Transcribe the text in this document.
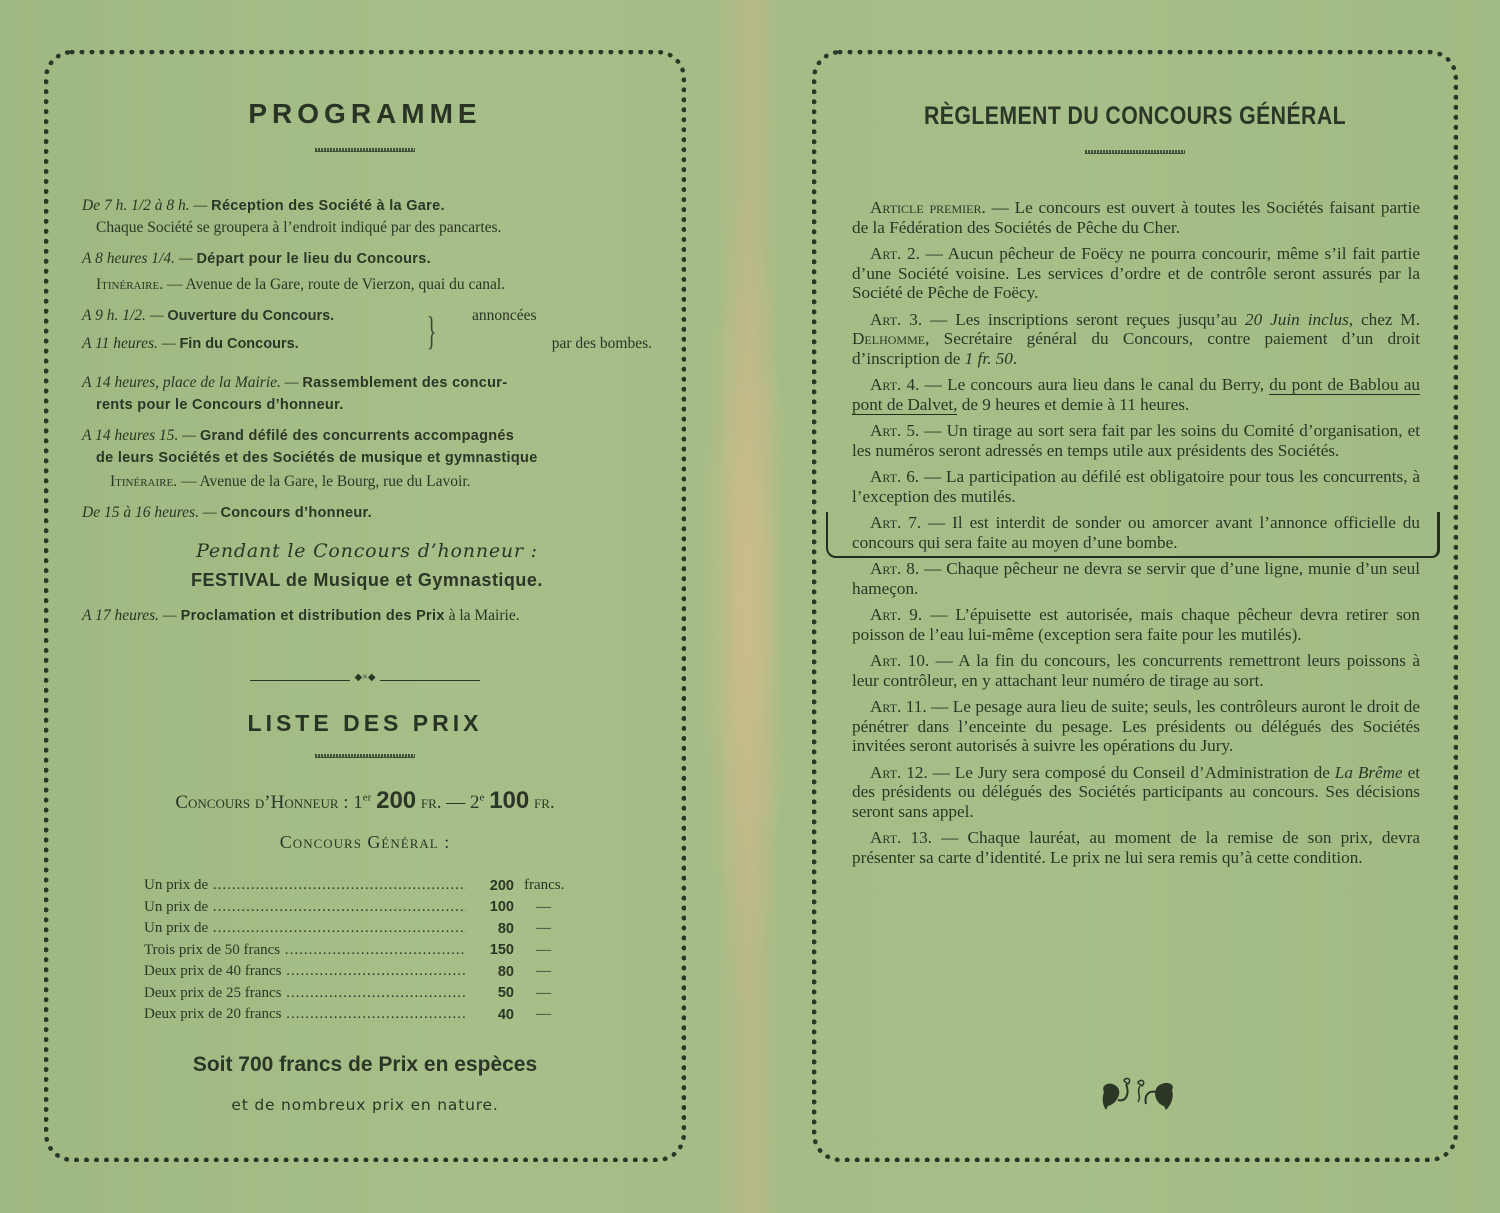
PROGRAMME
De 7 h. 1/2 à 8 h. — Réception des Société à la Gare.
Chaque Société se groupera à l’endroit indiqué par des pancartes.
A 8 heures 1/4. — Départ pour le lieu du Concours.
Itinéraire. — Avenue de la Gare, route de Vierzon, quai du canal.
A 9 h. 1/2. — Ouverture du Concours.
A 11 heures. — Fin du Concours.	} annoncées
par des bombes.
A 14 heures, place de la Mairie. — Rassemblement des concur-
rents pour le Concours d’honneur.
A 14 heures 15. — Grand défilé des concurrents accompagnés
de leurs Sociétés et des Sociétés de musique et gymnastique
Itinéraire. — Avenue de la Gare, le Bourg, rue du Lavoir.
De 15 à 16 heures. — Concours d’honneur.
Pendant le Concours d’honneur :
FESTIVAL de Musique et Gymnastique.
A 17 heures. — Proclamation et distribution des Prix à la Mairie.
◆×◆
LISTE DES PRIX
Concours d’Honneur : 1er 200 fr. — 2e 100 fr.
Concours Général :
Un prix de .....	200 francs.
Un prix de .....	100	—
Un prix de .....	80	—
Trois prix de 50 francs .....	150	—
Deux prix de 40 francs .....	80	—
Deux prix de 25 francs .....	50	—
Deux prix de 20 francs .....	40	—
Soit 700 francs de Prix en espèces
et de nombreux prix en nature.
RÈGLEMENT DU CONCOURS GÉNÉRAL

Article premier. — Le concours est ouvert à toutes les Sociétés faisant partie de la Fédération des Sociétés de Pêche du Cher.

Art. 2. — Aucun pêcheur de Foëcy ne pourra concourir, même s’il fait partie d’une Société voisine. Les services d’ordre et de contrôle seront assurés par la Société de Pêche de Foëcy.

Art. 3. — Les inscriptions seront reçues jusqu’au 20 Juin inclus, chez M. Delhomme, Secrétaire général du Concours, contre paiement d’un droit d’inscription de 1 fr. 50.

Art. 4. — Le concours aura lieu dans le canal du Berry, du pont de Bablou au pont de Dalvet, de 9 heures et demie à 11 heures.

Art. 5. — Un tirage au sort sera fait par les soins du Comité d’organisation, et les numéros seront adressés en temps utile aux présidents des Sociétés.

Art. 6. — La participation au défilé est obligatoire pour tous les concurrents, à l’exception des mutilés.

Art. 7. — Il est interdit de sonder ou amorcer avant l’annonce officielle du concours qui sera faite au moyen d’une bombe.

Art. 8. — Chaque pêcheur ne devra se servir que d’une ligne, munie d’un seul hameçon.

Art. 9. — L’épuisette est autorisée, mais chaque pêcheur devra retirer son poisson de l’eau lui-même (exception sera faite pour les mutilés).

Art. 10. — A la fin du concours, les concurrents remettront leurs poissons à leur contrôleur, en y attachant leur numéro de tirage au sort.

Art. 11. — Le pesage aura lieu de suite; seuls, les contrôleurs auront le droit de pénétrer dans l’enceinte du pesage. Les présidents ou délégués des Sociétés invitées seront autorisés à suivre les opérations du Jury.

Art. 12. — Le Jury sera composé du Conseil d’Administration de La Brême et des présidents ou délégués des Sociétés participants au concours. Ses décisions seront sans appel.

Art. 13. — Chaque lauréat, au moment de la remise de son prix, devra présenter sa carte d’identité. Le prix ne lui sera remis qu’à cette condition.
